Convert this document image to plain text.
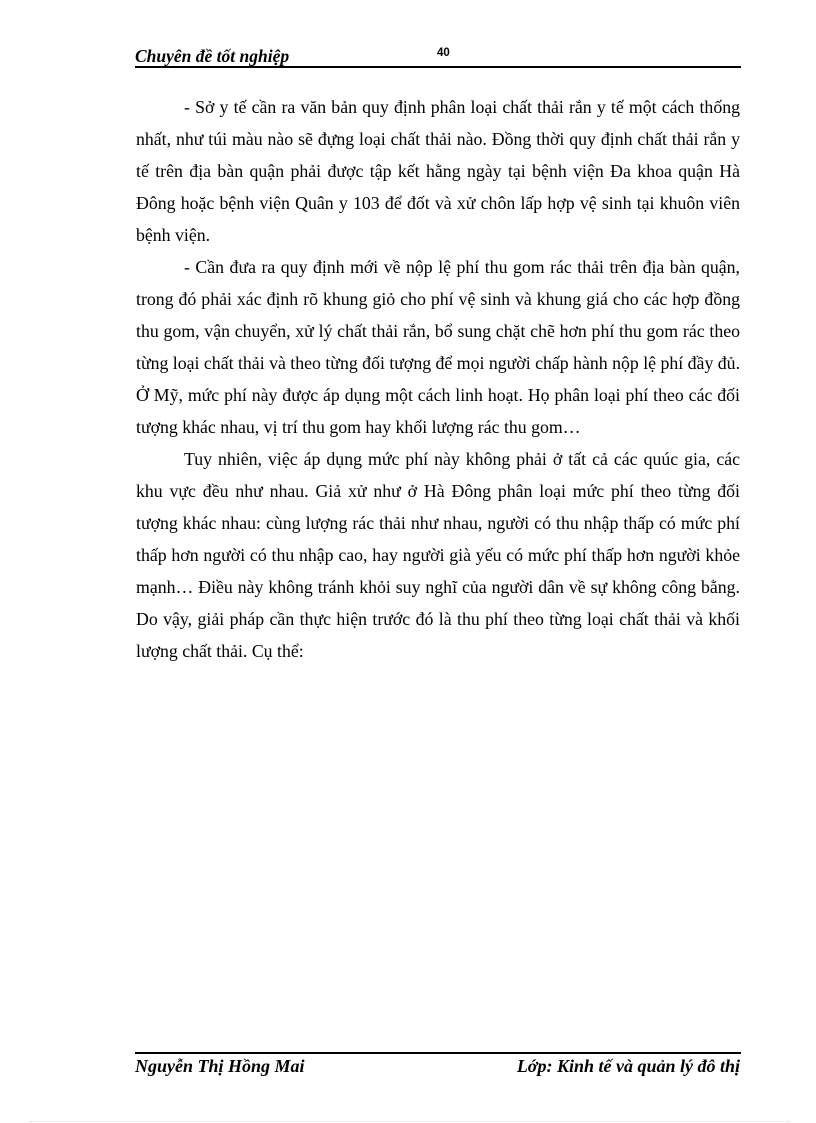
Chuyên đề tốt nghiệp	40

- Sở y tế cần ra văn bản quy định phân loại chất thải rắn y tế một cách thống nhất, như túi màu nào sẽ đựng loại chất thải nào. Đồng thời quy định chất thải rắn y tế trên địa bàn quận phải được tập kết hằng ngày tại bệnh viện Đa khoa quận Hà Đông hoặc bệnh viện Quân y 103 để đốt và xử chôn lấp hợp vệ sinh tại khuôn viên bệnh viện.

- Cần đưa ra quy định mới về nộp lệ phí thu gom rác thải trên địa bàn quận, trong đó phải xác định rõ khung giỏ cho phí vệ sinh và khung giá cho các hợp đồng thu gom, vận chuyển, xử lý chất thải rắn, bổ sung chặt chẽ hơn phí thu gom rác theo từng loại chất thải và theo từng đối tượng để mọi người chấp hành nộp lệ phí đầy đủ. Ở Mỹ, mức phí này được áp dụng một cách linh hoạt. Họ phân loại phí theo các đối tượng khác nhau, vị trí thu gom hay khối lượng rác thu gom…

Tuy nhiên, việc áp dụng mức phí này không phải ở tất cả các quúc gia, các khu vực đều như nhau. Giả xử như ở Hà Đông phân loại mức phí theo từng đối tượng khác nhau: cùng lượng rác thải như nhau, người có thu nhập thấp có mức phí thấp hơn người có thu nhập cao, hay người già yếu có mức phí thấp hơn người khỏe mạnh… Điều này không tránh khỏi suy nghĩ của người dân về sự không công bằng. Do vậy, giải pháp cần thực hiện trước đó là thu phí theo từng loại chất thải và khối lượng chất thải. Cụ thể:

Nguyễn Thị Hồng Mai	Lớp: Kinh tế và quản lý đô thị
